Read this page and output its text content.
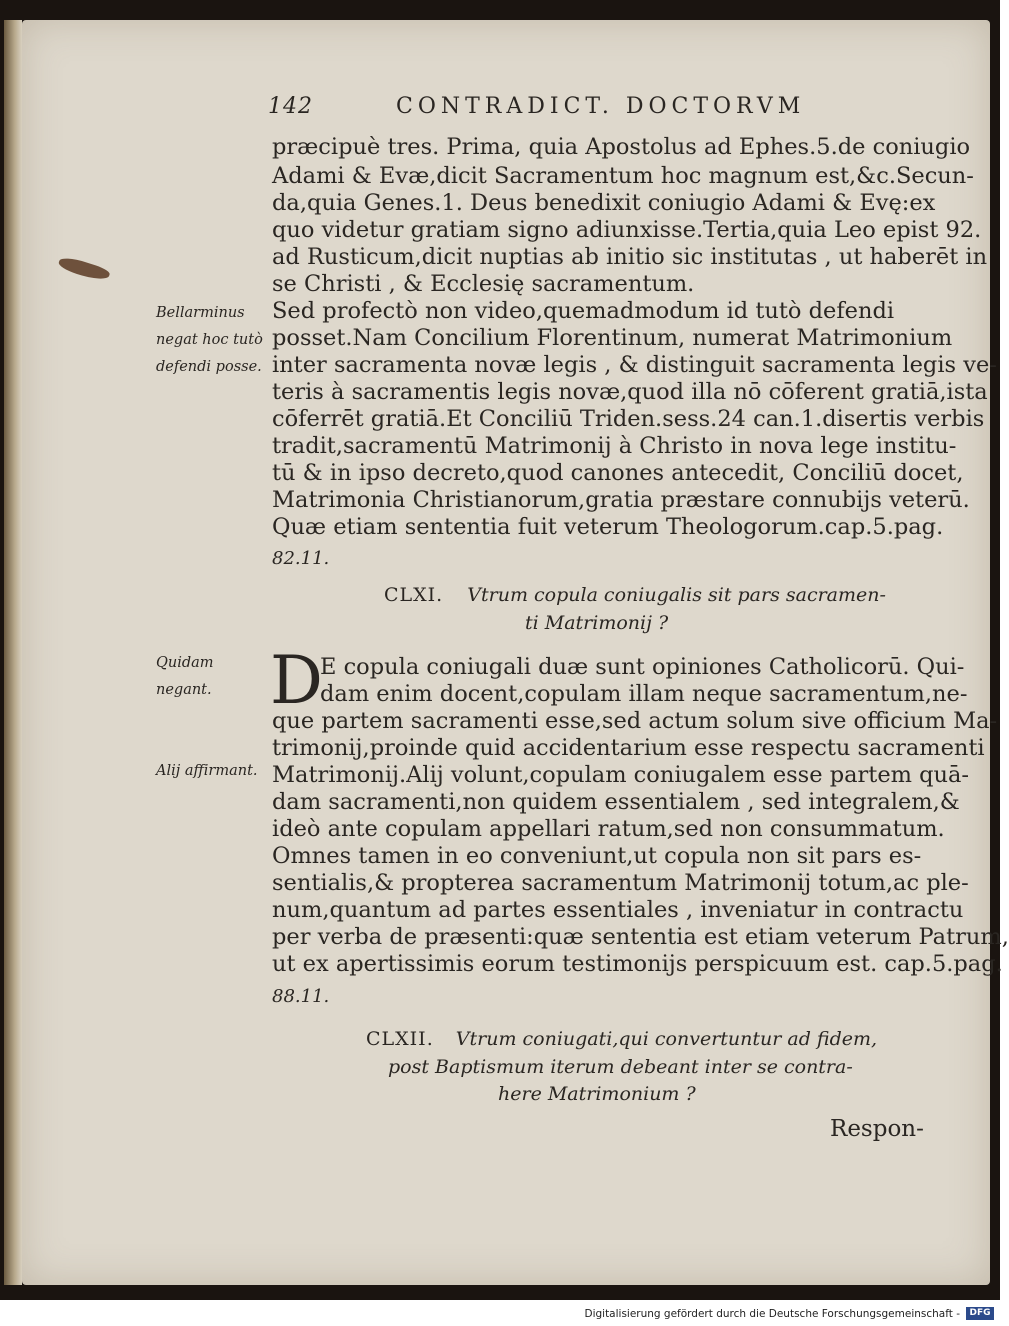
142	CONTRADICT. DOCTORVM
præcipuè tres. Prima, quia Apostolus ad Ephes.5.de coniugio
Adami & Evæ,dicit Sacramentum hoc magnum est,&c.Secun-
da,quia Genes.1. Deus benedixit coniugio Adami & Evę:ex
quo videtur gratiam signo adiunxisse.Tertia,quia Leo epist 92.
ad Rusticum,dicit nuptias ab initio sic institutas , ut haberēt in
se Christi , & Ecclesię sacramentum.
Sed profectò non video,quemadmodum id tutò defendi
posset.Nam Concilium Florentinum, numerat Matrimonium
inter sacramenta novæ legis , & distinguit sacramenta legis ve-
teris à sacramentis legis novæ,quod illa nō cōferent gratiā,ista
cōferrēt gratiā.Et Conciliū Triden.sess.24 can.1.disertis verbis
tradit,sacramentū Matrimonij à Christo in nova lege institu-
tū & in ipso decreto,quod canones antecedit, Conciliū docet,
Matrimonia Christianorum,gratia præstare connubijs veterū.
Quæ etiam sententia fuit veterum Theologorum.cap.5.pag.
82.11.
Bellarminus negat hoc tutò defendi posse.
Quidam negant.
Alij affirmant.
CLXI. Vtrum copula coniugalis sit pars sacramen-
ti Matrimonij ?
D
E copula coniugali duæ sunt opiniones Catholicorū. Qui-
dam enim docent,copulam illam neque sacramentum,ne-
que partem sacramenti esse,sed actum solum sive officium Ma-
trimonij,proinde quid accidentarium esse respectu sacramenti
Matrimonij.Alij volunt,copulam coniugalem esse partem quā-
dam sacramenti,non quidem essentialem , sed integralem,&
ideò ante copulam appellari ratum,sed non consummatum.
Omnes tamen in eo conveniunt,ut copula non sit pars es-
sentialis,& propterea sacramentum Matrimonij totum,ac ple-
num,quantum ad partes essentiales , inveniatur in contractu
per verba de præsenti:quæ sententia est etiam veterum Patrum,
ut ex apertissimis eorum testimonijs perspicuum est. cap.5.pag.
88.11.
CLXII. Vtrum coniugati,qui convertuntur ad fidem,
post Baptismum iterum debeant inter se contra-
here Matrimonium ?
Respon-
Digitalisierung gefördert durch die Deutsche Forschungsgemeinschaft -	DFG
